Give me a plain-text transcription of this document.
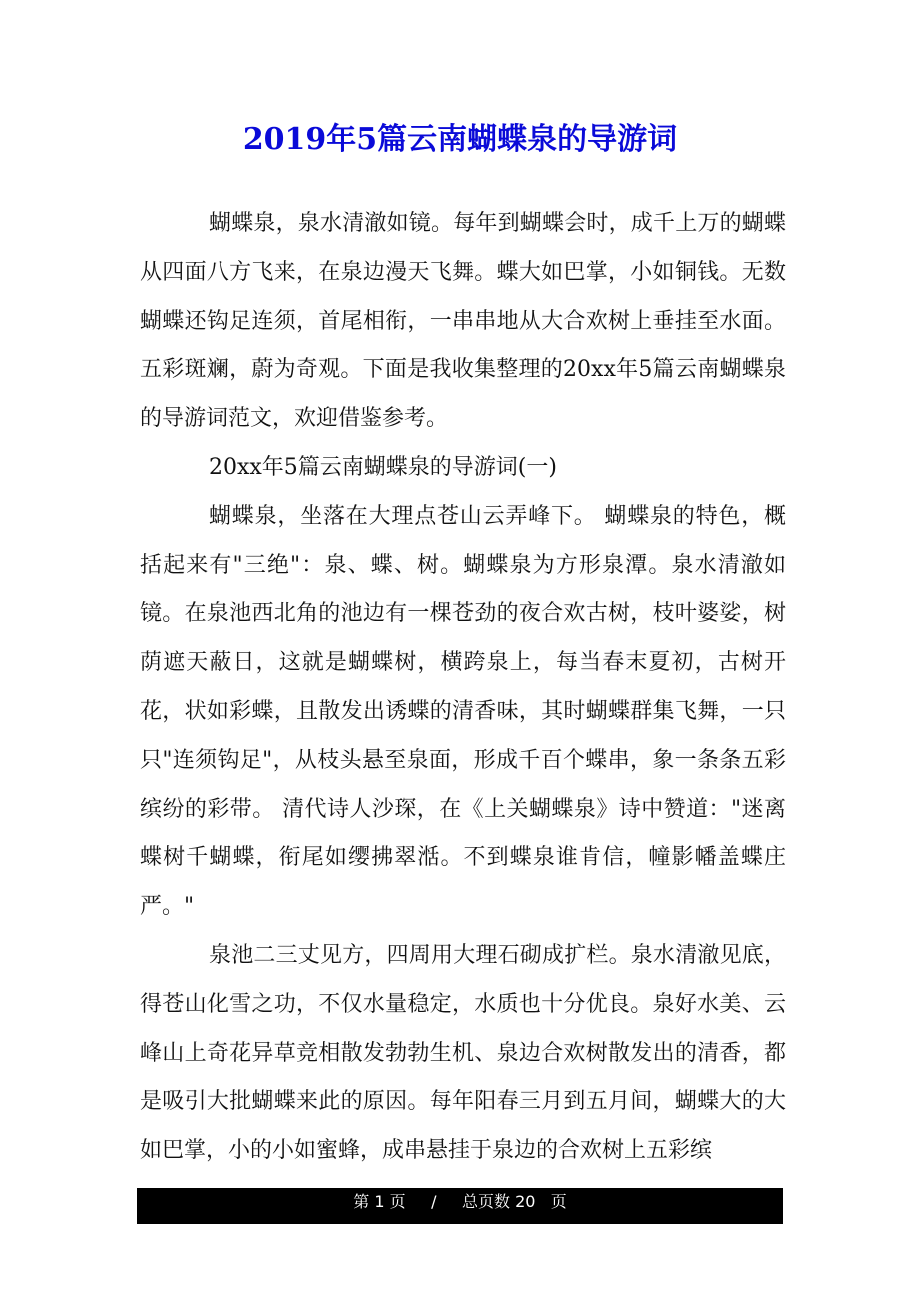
2019年5篇云南蝴蝶泉的导游词

蝴蝶泉，泉水清澈如镜。每年到蝴蝶会时，成千上万的蝴蝶从四面八方飞来，在泉边漫天飞舞。蝶大如巴掌，小如铜钱。无数蝴蝶还钩足连须，首尾相衔，一串串地从大合欢树上垂挂至水面。五彩斑斓，蔚为奇观。下面是我收集整理的20xx年5篇云南蝴蝶泉的导游词范文，欢迎借鉴参考。

20xx年5篇云南蝴蝶泉的导游词(一)

蝴蝶泉，坐落在大理点苍山云弄峰下。 蝴蝶泉的特色，概括起来有"三绝"：泉、蝶、树。蝴蝶泉为方形泉潭。泉水清澈如镜。在泉池西北角的池边有一棵苍劲的夜合欢古树，枝叶婆娑，树荫遮天蔽日，这就是蝴蝶树，横跨泉上，每当春末夏初，古树开花，状如彩蝶，且散发出诱蝶的清香味，其时蝴蝶群集飞舞，一只只"连须钩足"，从枝头悬至泉面，形成千百个蝶串，象一条条五彩缤纷的彩带。 清代诗人沙琛，在《上关蝴蝶泉》诗中赞道："迷离蝶树千蝴蝶，衔尾如缨拂翠湉。不到蝶泉谁肯信，幢影幡盖蝶庄严。"

泉池二三丈见方，四周用大理石砌成扩栏。泉水清澈见底，得苍山化雪之功，不仅水量稳定，水质也十分优良。泉好水美、云峰山上奇花异草竞相散发勃勃生机、泉边合欢树散发出的清香，都是吸引大批蝴蝶来此的原因。每年阳春三月到五月间，蝴蝶大的大如巴掌，小的小如蜜蜂，成串悬挂于泉边的合欢树上五彩缤

第 1 页 / 总页数 20 页
